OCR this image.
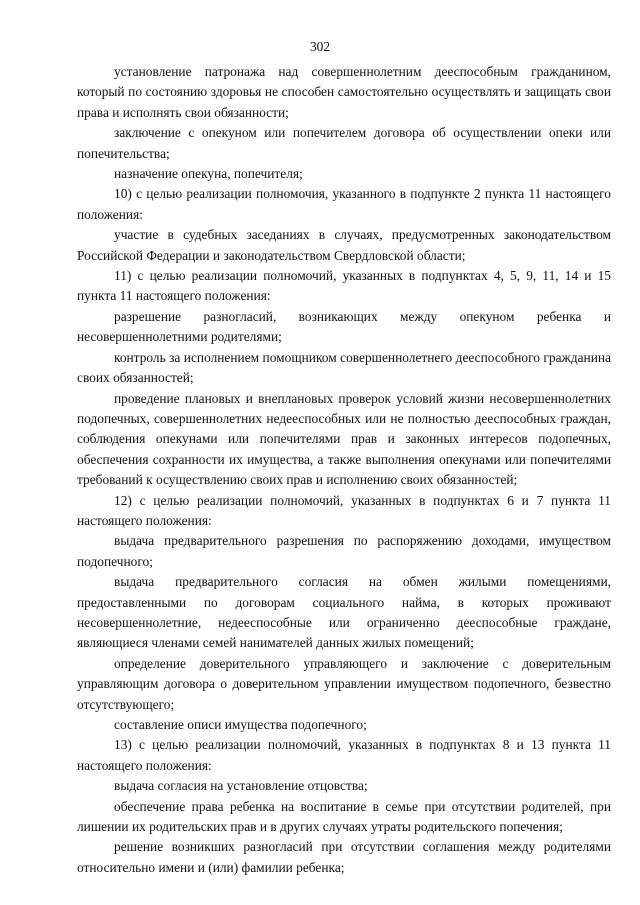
302

установление патронажа над совершеннолетним дееспособным гражданином, который по состоянию здоровья не способен самостоятельно осуществлять и защищать свои права и исполнять свои обязанности;

заключение с опекуном или попечителем договора об осуществлении опеки или попечительства;

назначение опекуна, попечителя;

10) с целью реализации полномочия, указанного в подпункте 2 пункта 11 настоящего положения:

участие в судебных заседаниях в случаях, предусмотренных законодательством Российской Федерации и законодательством Свердловской области;

11) с целью реализации полномочий, указанных в подпунктах 4, 5, 9, 11, 14 и 15 пункта 11 настоящего положения:

разрешение разногласий, возникающих между опекуном ребенка и несовершеннолетними родителями;

контроль за исполнением помощником совершеннолетнего дееспособного гражданина своих обязанностей;

проведение плановых и внеплановых проверок условий жизни несовершеннолетних подопечных, совершеннолетних недееспособных или не полностью дееспособных граждан, соблюдения опекунами или попечителями прав и законных интересов подопечных, обеспечения сохранности их имущества, а также выполнения опекунами или попечителями требований к осуществлению своих прав и исполнению своих обязанностей;

12) с целью реализации полномочий, указанных в подпунктах 6 и 7 пункта 11 настоящего положения:

выдача предварительного разрешения по распоряжению доходами, имуществом подопечного;

выдача предварительного согласия на обмен жилыми помещениями, предоставленными по договорам социального найма, в которых проживают несовершеннолетние, недееспособные или ограниченно дееспособные граждане, являющиеся членами семей нанимателей данных жилых помещений;

определение доверительного управляющего и заключение с доверительным управляющим договора о доверительном управлении имуществом подопечного, безвестно отсутствующего;

составление описи имущества подопечного;

13) с целью реализации полномочий, указанных в подпунктах 8 и 13 пункта 11 настоящего положения:

выдача согласия на установление отцовства;

обеспечение права ребенка на воспитание в семье при отсутствии родителей, при лишении их родительских прав и в других случаях утраты родительского попечения;

решение возникших разногласий при отсутствии соглашения между родителями относительно имени и (или) фамилии ребенка;
